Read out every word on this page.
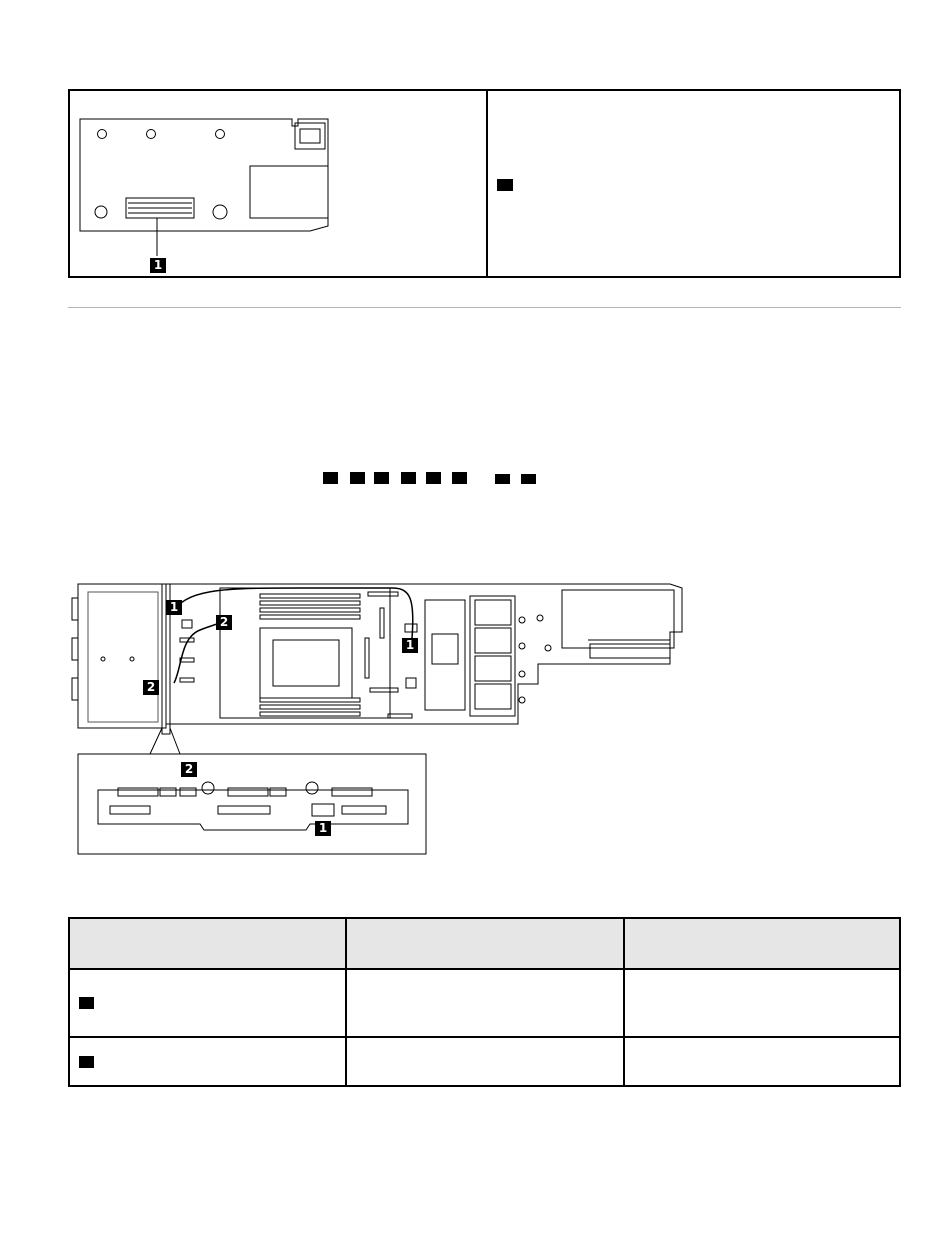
1
1
2
1
2
2
1
